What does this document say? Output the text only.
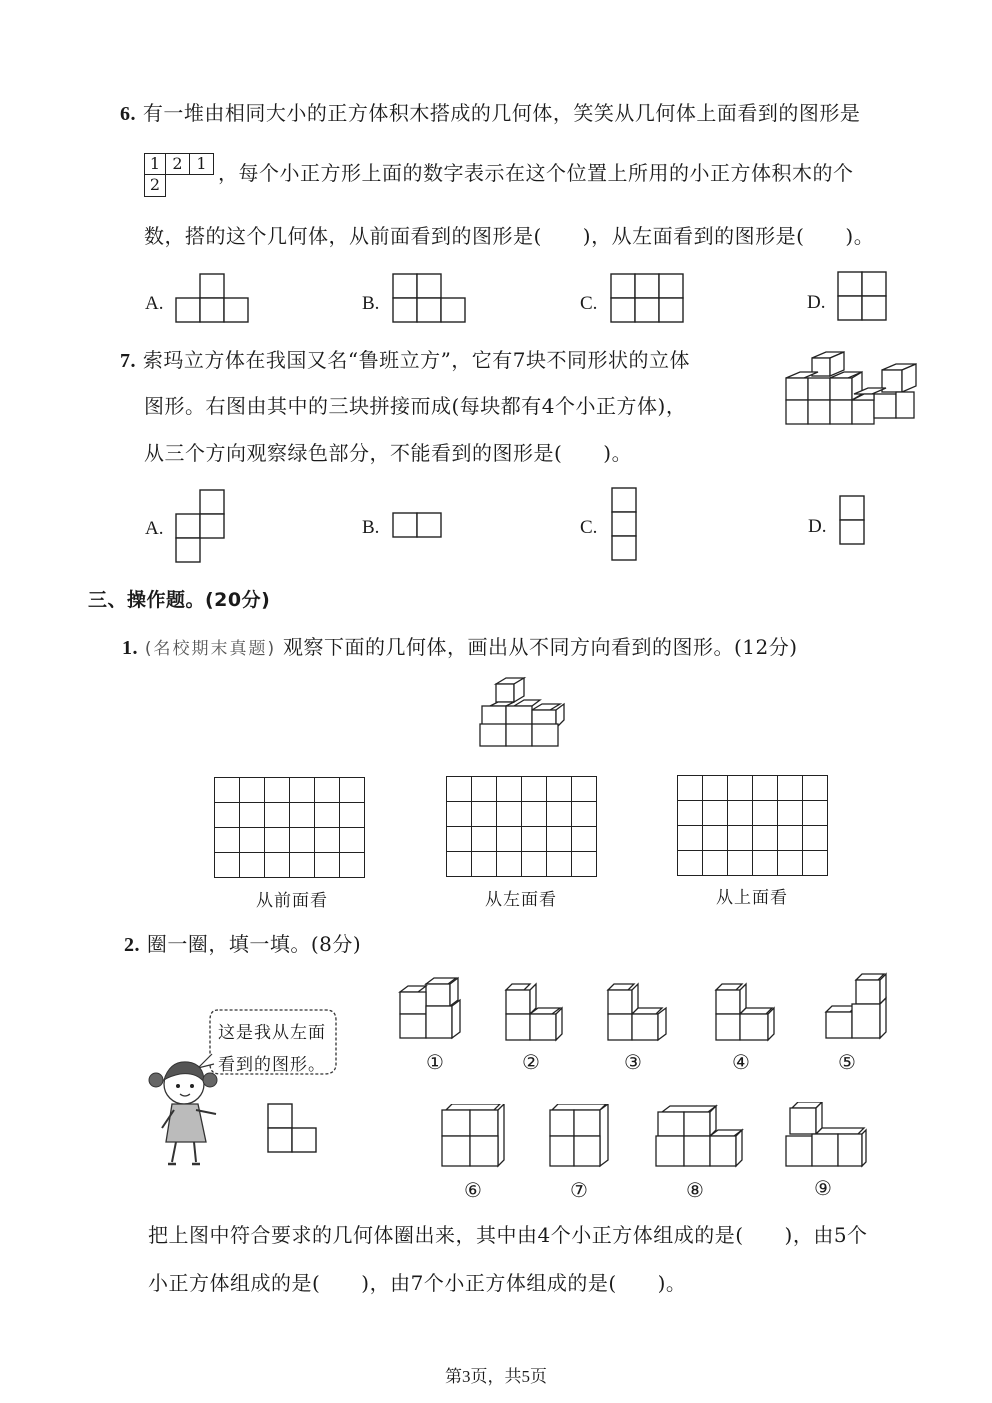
6. 有一堆由相同大小的正方体积木搭成的几何体，笑笑从几何体上面看到的图形是
1 2 1
2	，每个小正方形上面的数字表示在这个位置上所用的小正方体积木的个
数，搭的这个几何体，从前面看到的图形是(　　)，从左面看到的图形是(　　)。
A.	B.	C.	D.
7. 索玛立方体在我国又名“鲁班立方”，它有7块不同形状的立体
图形。右图由其中的三块拼接而成(每块都有4个小正方体)，
从三个方向观察绿色部分，不能看到的图形是(　　)。
A.	B.	C.	D.
三、操作题。(20分)
1. (名校期末真题) 观察下面的几何体，画出从不同方向看到的图形。(12分)

从前面看

						从左面看

						从上面看
2. 圈一圈，填一填。(8分)
这是我从左面
看到的图形。	①	②	③	④	⑤
⑥	⑦	⑧	⑨
把上图中符合要求的几何体圈出来，其中由4个小正方体组成的是(　　)，由5个
小正方体组成的是(　　)，由7个小正方体组成的是(　　)。
第3页，共5页
